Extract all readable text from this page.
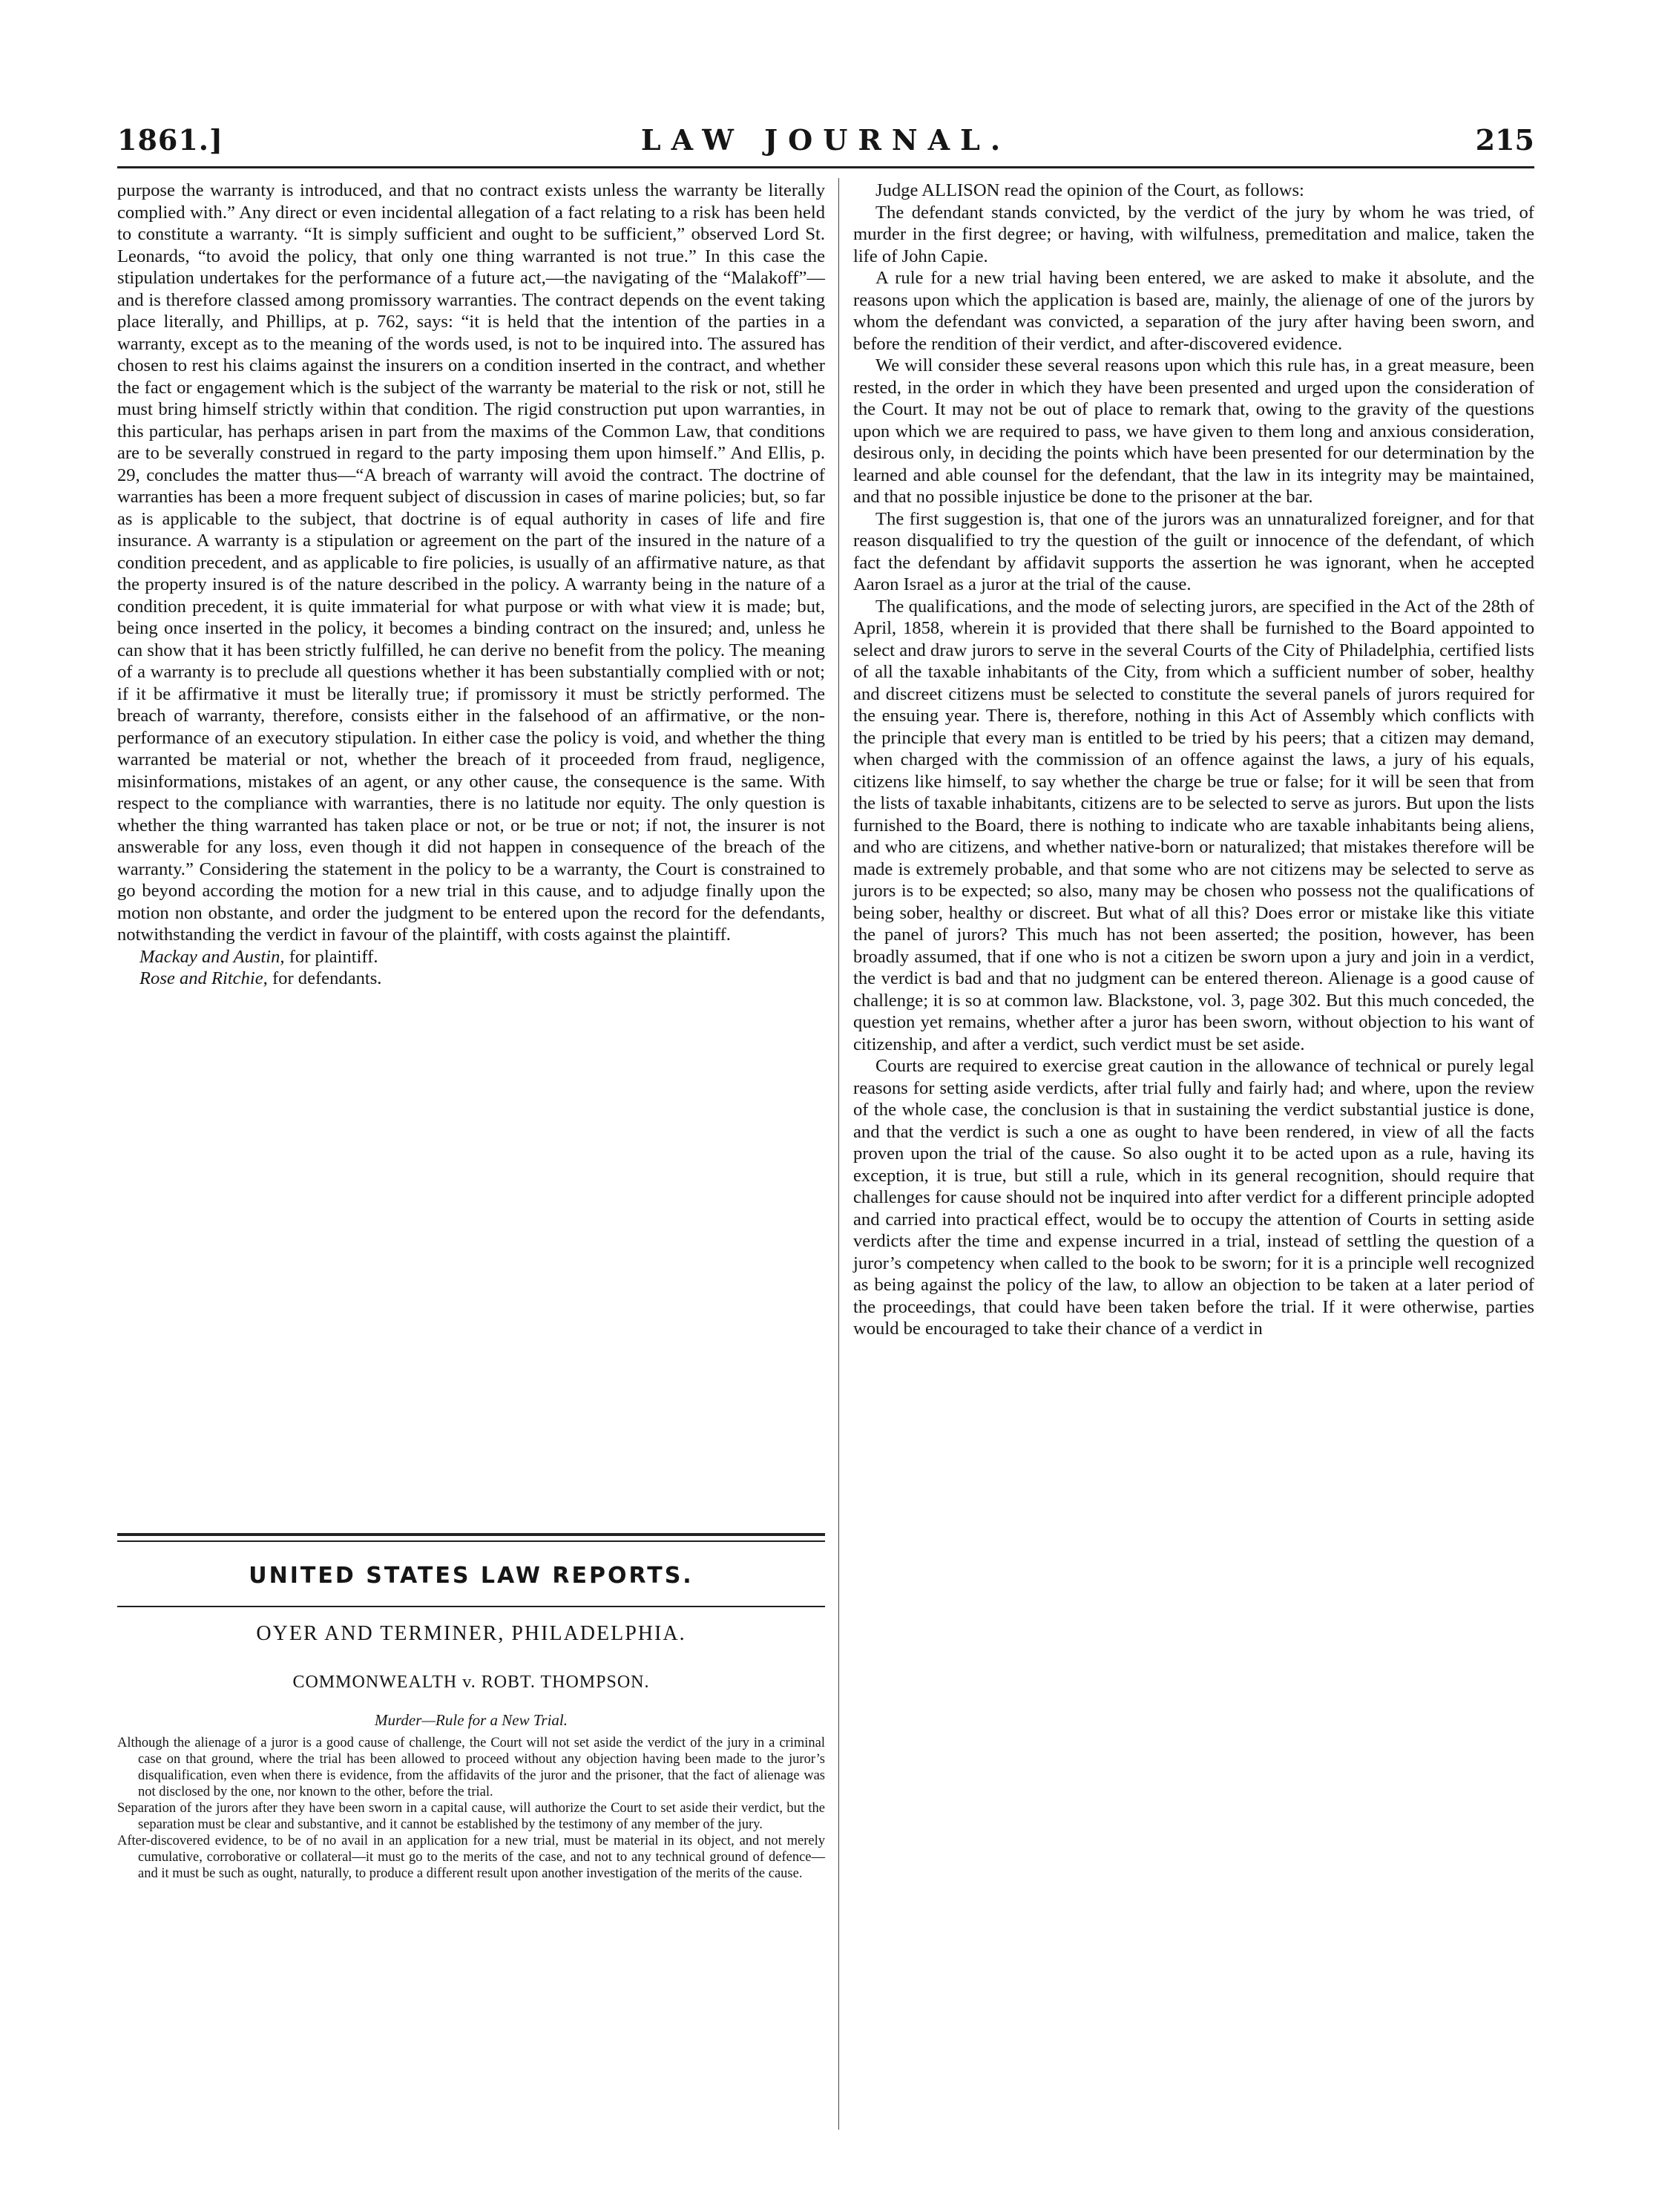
1861.]	LAW JOURNAL.	215

purpose the warranty is introduced, and that no contract exists unless the warranty be literally complied with.” Any direct or even incidental allegation of a fact relating to a risk has been held to constitute a warranty. “It is simply sufficient and ought to be sufficient,” observed Lord St. Leonards, “to avoid the policy, that only one thing warranted is not true.” In this case the stipulation undertakes for the performance of a future act,—the navigating of the “Malakoff”—and is therefore classed among promissory warranties. The contract depends on the event taking place literally, and Phillips, at p. 762, says: “it is held that the intention of the parties in a warranty, except as to the meaning of the words used, is not to be inquired into. The assured has chosen to rest his claims against the insurers on a condition inserted in the contract, and whether the fact or engagement which is the subject of the warranty be material to the risk or not, still he must bring himself strictly within that condition. The rigid construction put upon warranties, in this particular, has perhaps arisen in part from the maxims of the Common Law, that conditions are to be severally construed in regard to the party imposing them upon himself.” And Ellis, p. 29, concludes the matter thus—“A breach of warranty will avoid the contract. The doctrine of warranties has been a more frequent subject of discussion in cases of marine policies; but, so far as is applicable to the subject, that doctrine is of equal authority in cases of life and fire insurance. A warranty is a stipulation or agreement on the part of the insured in the nature of a condition precedent, and as applicable to fire policies, is usually of an affirmative nature, as that the property insured is of the nature described in the policy. A warranty being in the nature of a condition precedent, it is quite immaterial for what purpose or with what view it is made; but, being once inserted in the policy, it becomes a binding contract on the insured; and, unless he can show that it has been strictly fulfilled, he can derive no benefit from the policy. The meaning of a warranty is to preclude all questions whether it has been substantially complied with or not; if it be affirmative it must be literally true; if promissory it must be strictly performed. The breach of warranty, therefore, consists either in the falsehood of an affirmative, or the non-performance of an executory stipulation. In either case the policy is void, and whether the thing warranted be material or not, whether the breach of it proceeded from fraud, negligence, misinformations, mistakes of an agent, or any other cause, the consequence is the same. With respect to the compliance with warranties, there is no latitude nor equity. The only question is whether the thing warranted has taken place or not, or be true or not; if not, the insurer is not answerable for any loss, even though it did not happen in consequence of the breach of the warranty.” Considering the statement in the policy to be a warranty, the Court is constrained to go beyond according the motion for a new trial in this cause, and to adjudge finally upon the motion non obstante, and order the judgment to be entered upon the record for the defendants, notwithstanding the verdict in favour of the plaintiff, with costs against the plaintiff.

Mackay and Austin, for plaintiff.

Rose and Ritchie, for defendants.

UNITED STATES LAW REPORTS.
OYER AND TERMINER, PHILADELPHIA.
COMMONWEALTH v. ROBT. THOMPSON.
Murder—Rule for a New Trial.

Although the alienage of a juror is a good cause of challenge, the Court will not set aside the verdict of the jury in a criminal case on that ground, where the trial has been allowed to proceed without any objection having been made to the juror’s disqualification, even when there is evidence, from the affidavits of the juror and the prisoner, that the fact of alienage was not disclosed by the one, nor known to the other, before the trial.

Separation of the jurors after they have been sworn in a capital cause, will authorize the Court to set aside their verdict, but the separation must be clear and substantive, and it cannot be established by the testimony of any member of the jury.

After-discovered evidence, to be of no avail in an application for a new trial, must be material in its object, and not merely cumulative, corroborative or collateral—it must go to the merits of the case, and not to any technical ground of defence—and it must be such as ought, naturally, to produce a different result upon another investigation of the merits of the cause.

Judge ALLISON read the opinion of the Court, as follows:

The defendant stands convicted, by the verdict of the jury by whom he was tried, of murder in the first degree; or having, with wilfulness, premeditation and malice, taken the life of John Capie.

A rule for a new trial having been entered, we are asked to make it absolute, and the reasons upon which the application is based are, mainly, the alienage of one of the jurors by whom the defendant was convicted, a separation of the jury after having been sworn, and before the rendition of their verdict, and after-discovered evidence.

We will consider these several reasons upon which this rule has, in a great measure, been rested, in the order in which they have been presented and urged upon the consideration of the Court. It may not be out of place to remark that, owing to the gravity of the questions upon which we are required to pass, we have given to them long and anxious consideration, desirous only, in deciding the points which have been presented for our determination by the learned and able counsel for the defendant, that the law in its integrity may be maintained, and that no possible injustice be done to the prisoner at the bar.

The first suggestion is, that one of the jurors was an unnaturalized foreigner, and for that reason disqualified to try the question of the guilt or innocence of the defendant, of which fact the defendant by affidavit supports the assertion he was ignorant, when he accepted Aaron Israel as a juror at the trial of the cause.

The qualifications, and the mode of selecting jurors, are specified in the Act of the 28th of April, 1858, wherein it is provided that there shall be furnished to the Board appointed to select and draw jurors to serve in the several Courts of the City of Philadelphia, certified lists of all the taxable inhabitants of the City, from which a sufficient number of sober, healthy and discreet citizens must be selected to constitute the several panels of jurors required for the ensuing year. There is, therefore, nothing in this Act of Assembly which conflicts with the principle that every man is entitled to be tried by his peers; that a citizen may demand, when charged with the commission of an offence against the laws, a jury of his equals, citizens like himself, to say whether the charge be true or false; for it will be seen that from the lists of taxable inhabitants, citizens are to be selected to serve as jurors. But upon the lists furnished to the Board, there is nothing to indicate who are taxable inhabitants being aliens, and who are citizens, and whether native-born or naturalized; that mistakes therefore will be made is extremely probable, and that some who are not citizens may be selected to serve as jurors is to be expected; so also, many may be chosen who possess not the qualifications of being sober, healthy or discreet. But what of all this? Does error or mistake like this vitiate the panel of jurors? This much has not been asserted; the position, however, has been broadly assumed, that if one who is not a citizen be sworn upon a jury and join in a verdict, the verdict is bad and that no judgment can be entered thereon. Alienage is a good cause of challenge; it is so at common law. Blackstone, vol. 3, page 302. But this much conceded, the question yet remains, whether after a juror has been sworn, without objection to his want of citizenship, and after a verdict, such verdict must be set aside.

Courts are required to exercise great caution in the allowance of technical or purely legal reasons for setting aside verdicts, after trial fully and fairly had; and where, upon the review of the whole case, the conclusion is that in sustaining the verdict substantial justice is done, and that the verdict is such a one as ought to have been rendered, in view of all the facts proven upon the trial of the cause. So also ought it to be acted upon as a rule, having its exception, it is true, but still a rule, which in its general recognition, should require that challenges for cause should not be inquired into after verdict for a different principle adopted and carried into practical effect, would be to occupy the attention of Courts in setting aside verdicts after the time and expense incurred in a trial, instead of settling the question of a juror’s competency when called to the book to be sworn; for it is a principle well recognized as being against the policy of the law, to allow an objection to be taken at a later period of the proceedings, that could have been taken before the trial. If it were otherwise, parties would be encouraged to take their chance of a verdict in
